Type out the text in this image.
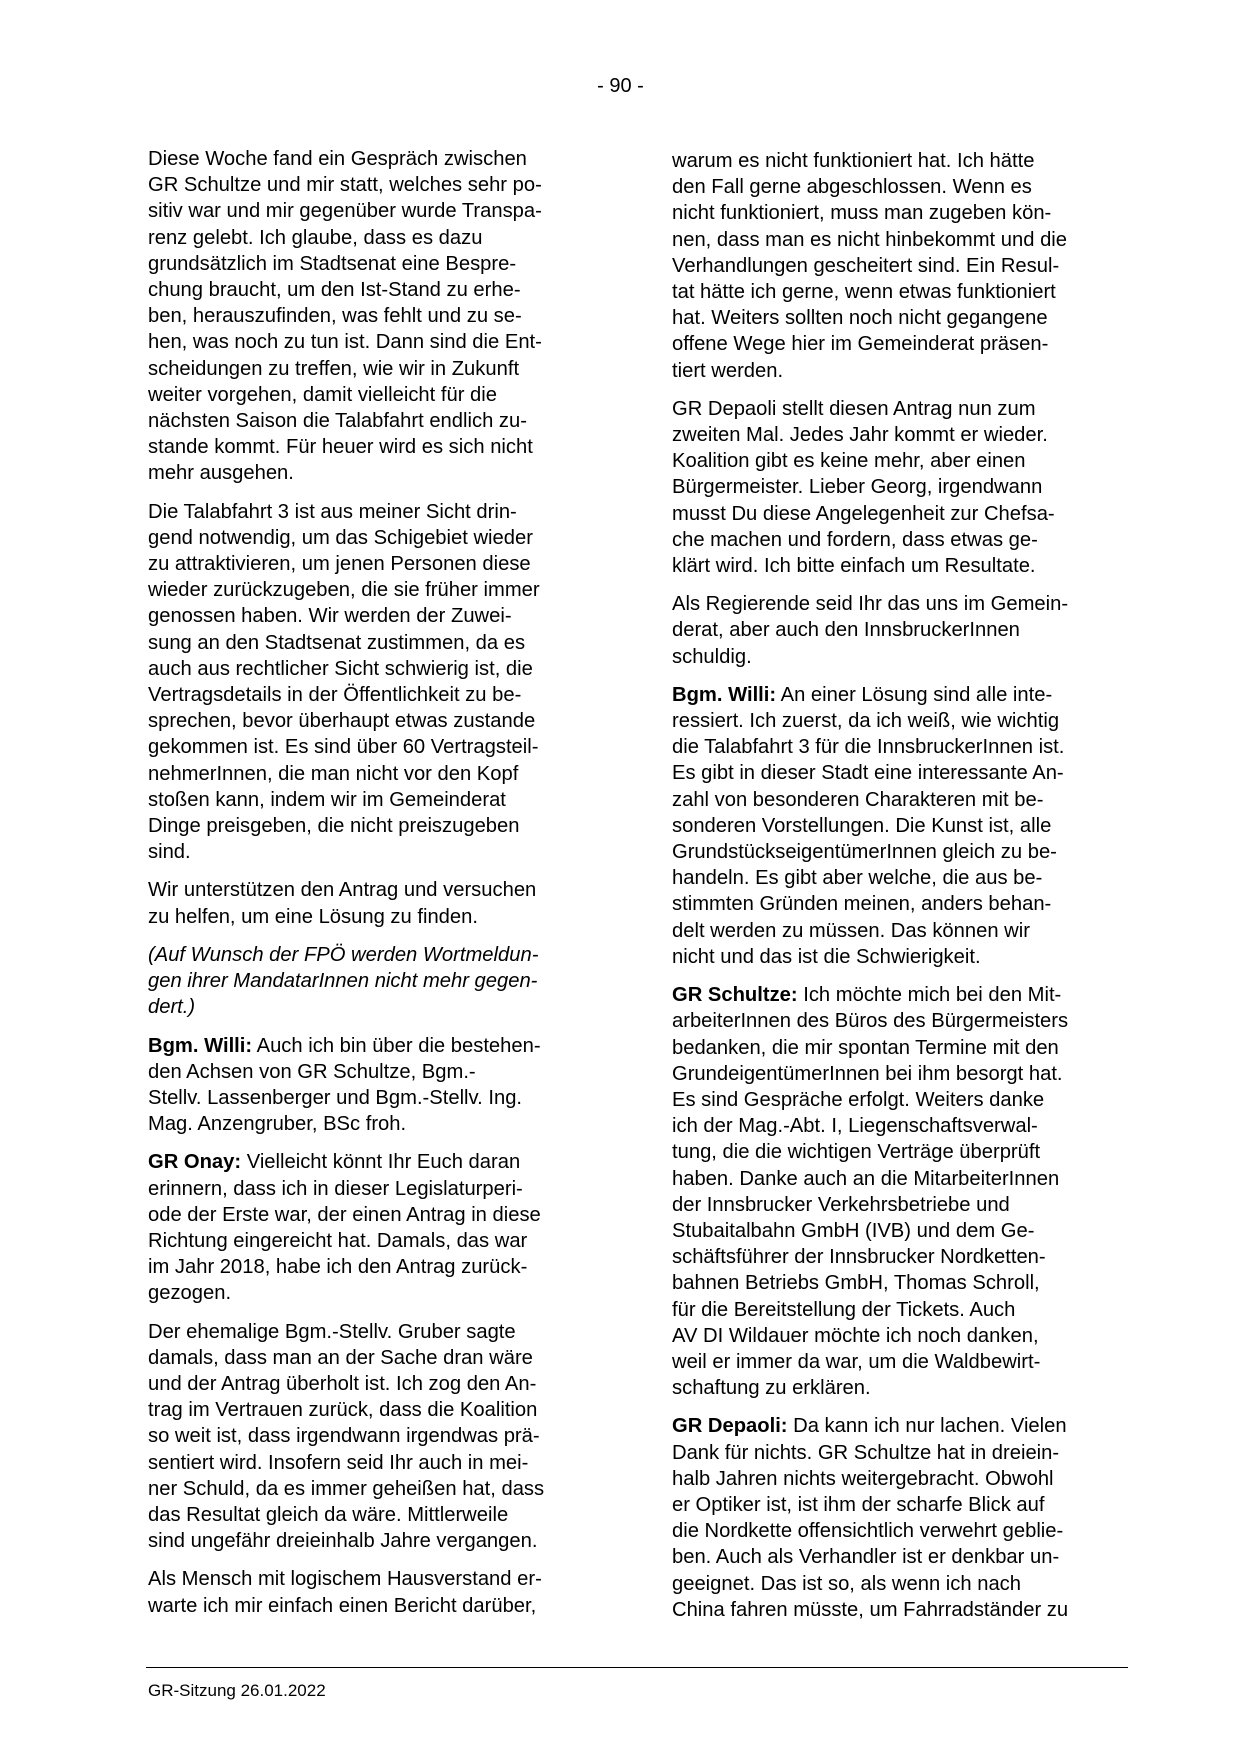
- 90 -

Diese Woche fand ein Gespräch zwischen
GR Schultze und mir statt, welches sehr po-
sitiv war und mir gegenüber wurde Transpa-
renz gelebt. Ich glaube, dass es dazu
grundsätzlich im Stadtsenat eine Bespre-
chung braucht, um den Ist-Stand zu erhe-
ben, herauszufinden, was fehlt und zu se-
hen, was noch zu tun ist. Dann sind die Ent-
scheidungen zu treffen, wie wir in Zukunft
weiter vorgehen, damit vielleicht für die
nächsten Saison die Talabfahrt endlich zu-
stande kommt. Für heuer wird es sich nicht
mehr ausgehen.

Die Talabfahrt 3 ist aus meiner Sicht drin-
gend notwendig, um das Schigebiet wieder
zu attraktivieren, um jenen Personen diese
wieder zurückzugeben, die sie früher immer
genossen haben. Wir werden der Zuwei-
sung an den Stadtsenat zustimmen, da es
auch aus rechtlicher Sicht schwierig ist, die
Vertragsdetails in der Öffentlichkeit zu be-
sprechen, bevor überhaupt etwas zustande
gekommen ist. Es sind über 60 Vertragsteil-
nehmerInnen, die man nicht vor den Kopf
stoßen kann, indem wir im Gemeinderat
Dinge preisgeben, die nicht preiszugeben
sind.

Wir unterstützen den Antrag und versuchen
zu helfen, um eine Lösung zu finden.

(Auf Wunsch der FPÖ werden Wortmeldun-
gen ihrer MandatarInnen nicht mehr gegen-
dert.)

Bgm. Willi: Auch ich bin über die bestehen-
den Achsen von GR Schultze, Bgm.-
Stellv. Lassenberger und Bgm.-Stellv. Ing.
Mag. Anzengruber, BSc froh.

GR Onay: Vielleicht könnt Ihr Euch daran
erinnern, dass ich in dieser Legislaturperi-
ode der Erste war, der einen Antrag in diese
Richtung eingereicht hat. Damals, das war
im Jahr 2018, habe ich den Antrag zurück-
gezogen.

Der ehemalige Bgm.-Stellv. Gruber sagte
damals, dass man an der Sache dran wäre
und der Antrag überholt ist. Ich zog den An-
trag im Vertrauen zurück, dass die Koalition
so weit ist, dass irgendwann irgendwas prä-
sentiert wird. Insofern seid Ihr auch in mei-
ner Schuld, da es immer geheißen hat, dass
das Resultat gleich da wäre. Mittlerweile
sind ungefähr dreieinhalb Jahre vergangen.

Als Mensch mit logischem Hausverstand er-
warte ich mir einfach einen Bericht darüber,

warum es nicht funktioniert hat. Ich hätte
den Fall gerne abgeschlossen. Wenn es
nicht funktioniert, muss man zugeben kön-
nen, dass man es nicht hinbekommt und die
Verhandlungen gescheitert sind. Ein Resul-
tat hätte ich gerne, wenn etwas funktioniert
hat. Weiters sollten noch nicht gegangene
offene Wege hier im Gemeinderat präsen-
tiert werden.

GR Depaoli stellt diesen Antrag nun zum
zweiten Mal. Jedes Jahr kommt er wieder.
Koalition gibt es keine mehr, aber einen
Bürgermeister. Lieber Georg, irgendwann
musst Du diese Angelegenheit zur Chefsa-
che machen und fordern, dass etwas ge-
klärt wird. Ich bitte einfach um Resultate.

Als Regierende seid Ihr das uns im Gemein-
derat, aber auch den InnsbruckerInnen
schuldig.

Bgm. Willi: An einer Lösung sind alle inte-
ressiert. Ich zuerst, da ich weiß, wie wichtig
die Talabfahrt 3 für die InnsbruckerInnen ist.
Es gibt in dieser Stadt eine interessante An-
zahl von besonderen Charakteren mit be-
sonderen Vorstellungen. Die Kunst ist, alle
GrundstückseigentümerInnen gleich zu be-
handeln. Es gibt aber welche, die aus be-
stimmten Gründen meinen, anders behan-
delt werden zu müssen. Das können wir
nicht und das ist die Schwierigkeit.

GR Schultze: Ich möchte mich bei den Mit-
arbeiterInnen des Büros des Bürgermeisters
bedanken, die mir spontan Termine mit den
GrundeigentümerInnen bei ihm besorgt hat.
Es sind Gespräche erfolgt. Weiters danke
ich der Mag.-Abt. I, Liegenschaftsverwal-
tung, die die wichtigen Verträge überprüft
haben. Danke auch an die MitarbeiterInnen
der Innsbrucker Verkehrsbetriebe und
Stubaitalbahn GmbH (IVB) und dem Ge-
schäftsführer der Innsbrucker Nordketten-
bahnen Betriebs GmbH, Thomas Schroll,
für die Bereitstellung der Tickets. Auch
AV DI Wildauer möchte ich noch danken,
weil er immer da war, um die Waldbewirt-
schaftung zu erklären.

GR Depaoli: Da kann ich nur lachen. Vielen
Dank für nichts. GR Schultze hat in dreiein-
halb Jahren nichts weitergebracht. Obwohl
er Optiker ist, ist ihm der scharfe Blick auf
die Nordkette offensichtlich verwehrt geblie-
ben. Auch als Verhandler ist er denkbar un-
geeignet. Das ist so, als wenn ich nach
China fahren müsste, um Fahrradständer zu

GR-Sitzung 26.01.2022
